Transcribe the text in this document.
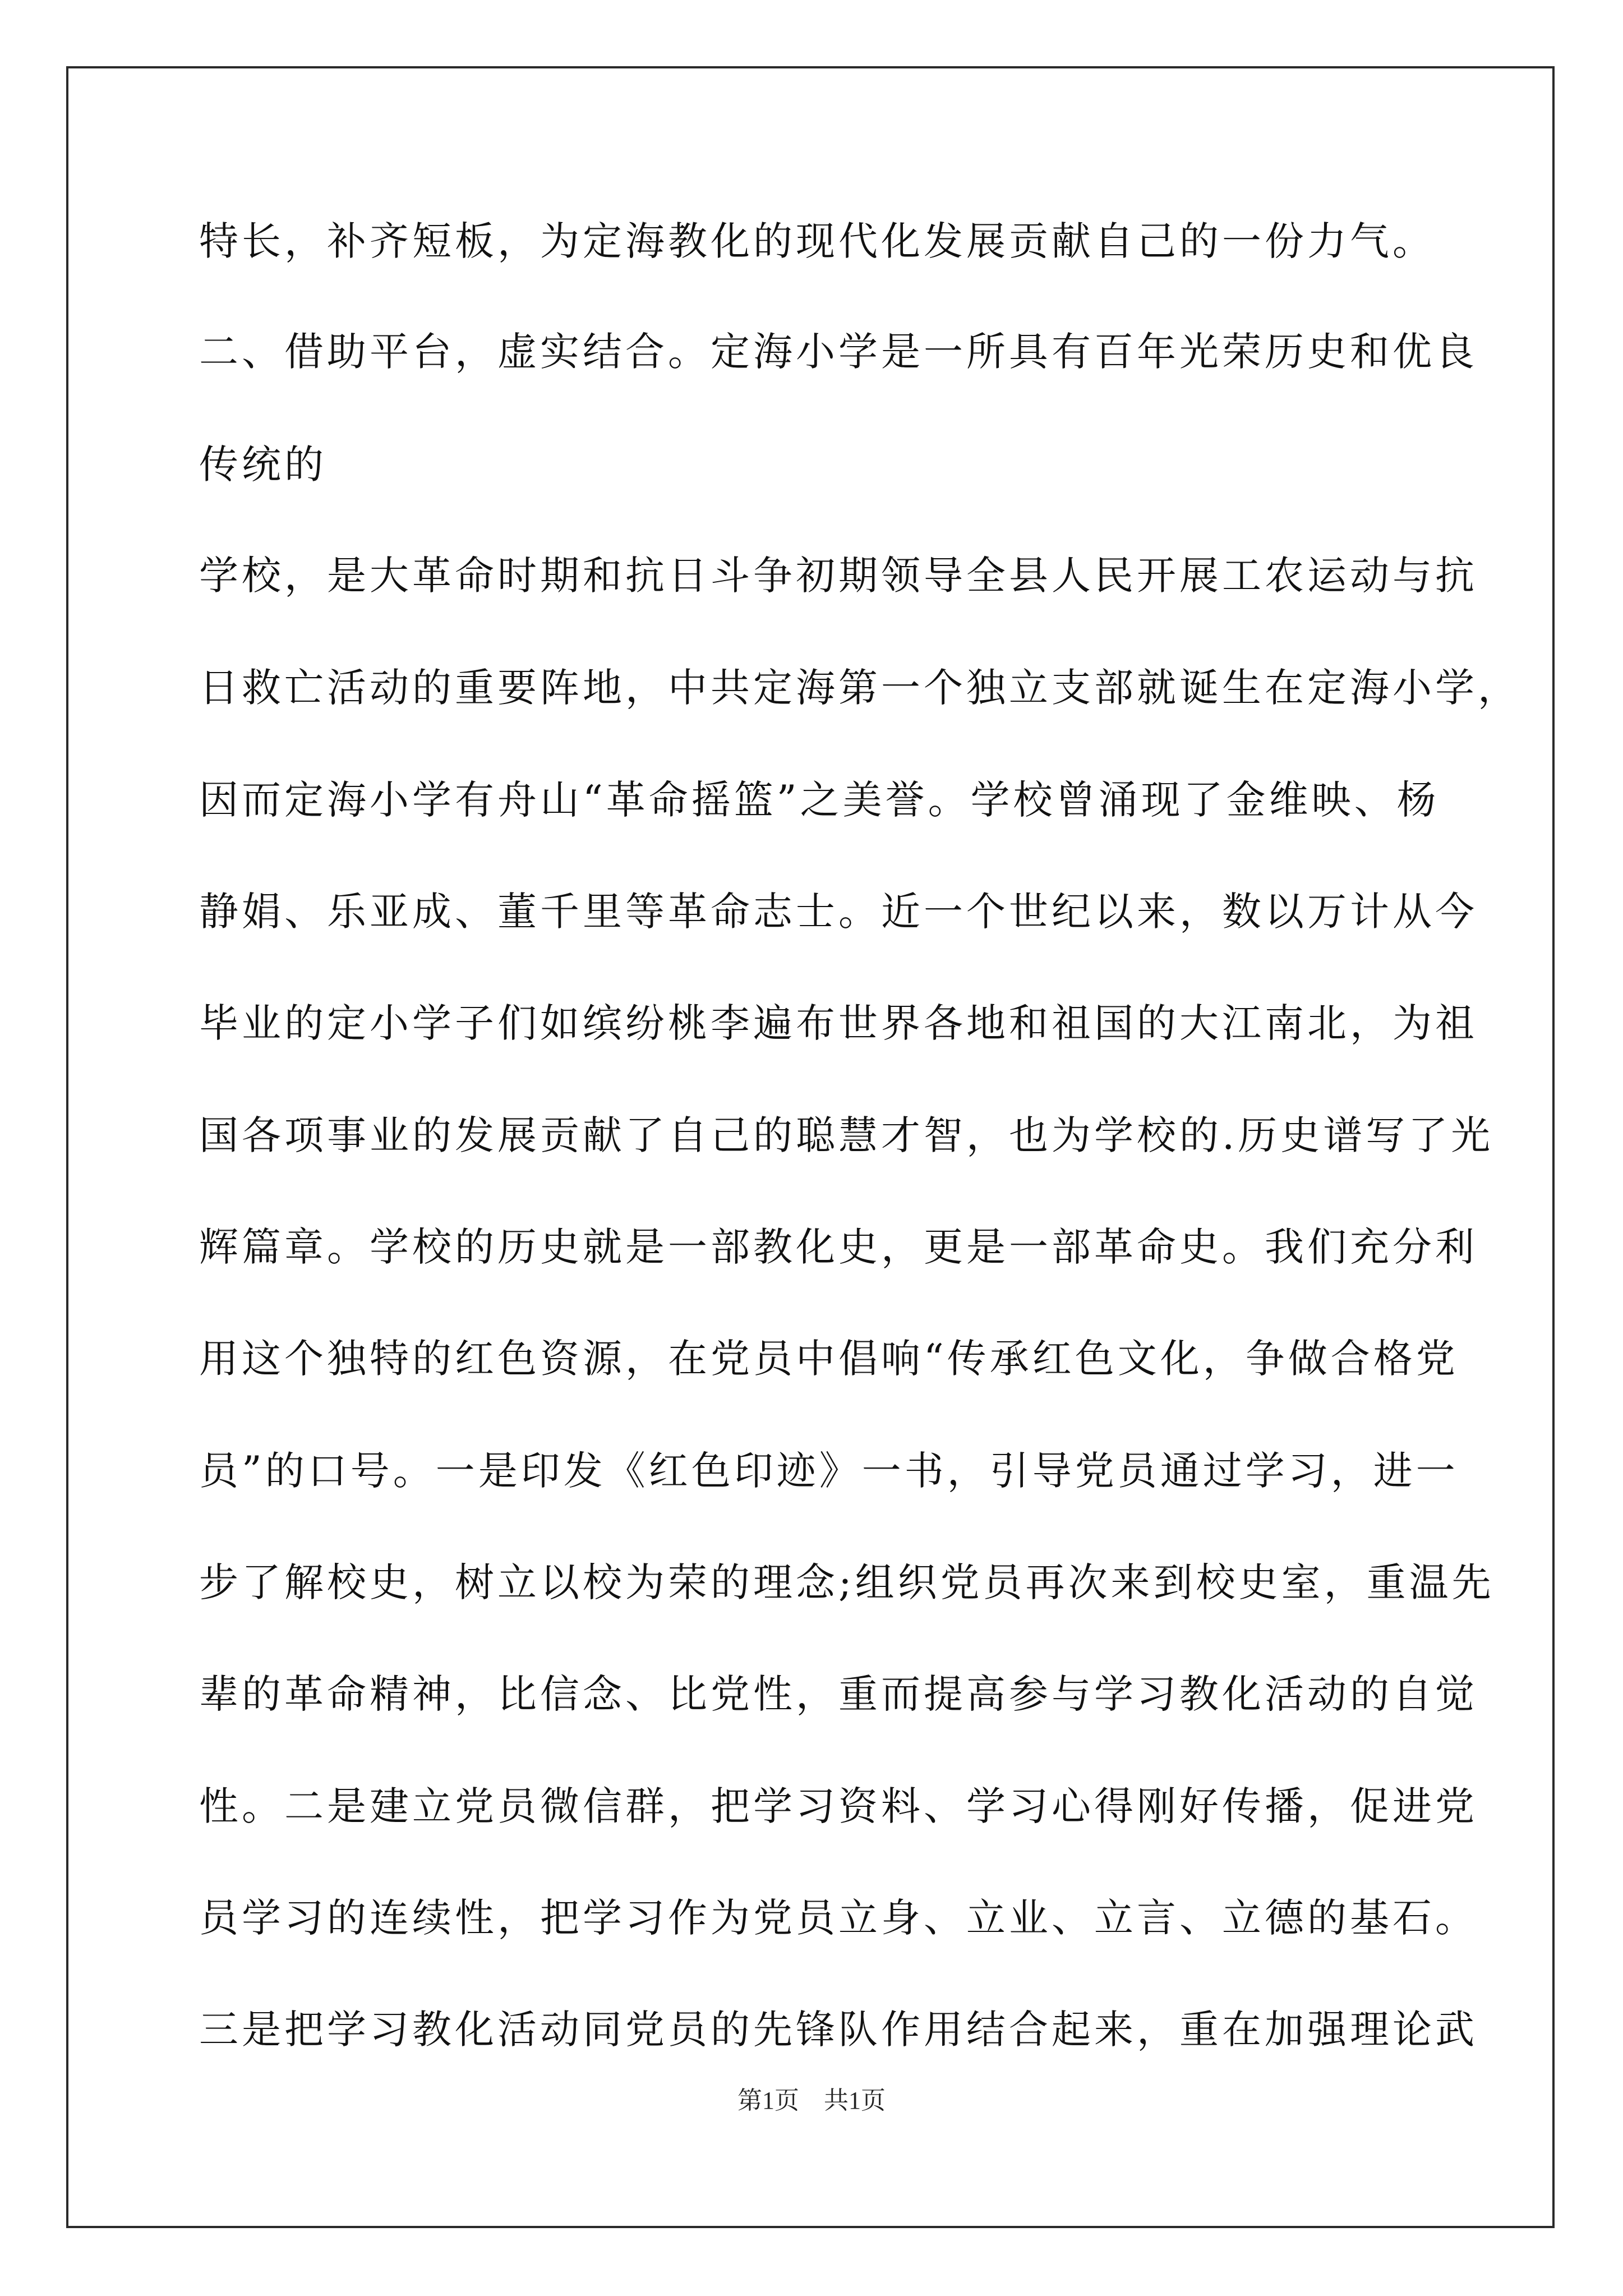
特长，补齐短板，为定海教化的现代化发展贡献自己的一份力气。
二、借助平台，虚实结合。定海小学是一所具有百年光荣历史和优良
传统的
学校，是大革命时期和抗日斗争初期领导全县人民开展工农运动与抗
日救亡活动的重要阵地，中共定海第一个独立支部就诞生在定海小学，
因而定海小学有舟山“革命摇篮”之美誉。学校曾涌现了金维映、杨
静娟、乐亚成、董千里等革命志士。近一个世纪以来，数以万计从今
毕业的定小学子们如缤纷桃李遍布世界各地和祖国的大江南北，为祖
国各项事业的发展贡献了自己的聪慧才智，也为学校的.历史谱写了光
辉篇章。学校的历史就是一部教化史，更是一部革命史。我们充分利
用这个独特的红色资源，在党员中倡响“传承红色文化，争做合格党
员”的口号。一是印发《红色印迹》一书，引导党员通过学习，进一
步了解校史，树立以校为荣的理念;组织党员再次来到校史室，重温先
辈的革命精神，比信念、比党性，重而提高参与学习教化活动的自觉
性。二是建立党员微信群，把学习资料、学习心得刚好传播，促进党
员学习的连续性，把学习作为党员立身、立业、立言、立德的基石。
三是把学习教化活动同党员的先锋队作用结合起来，重在加强理论武
第1页　共1页
